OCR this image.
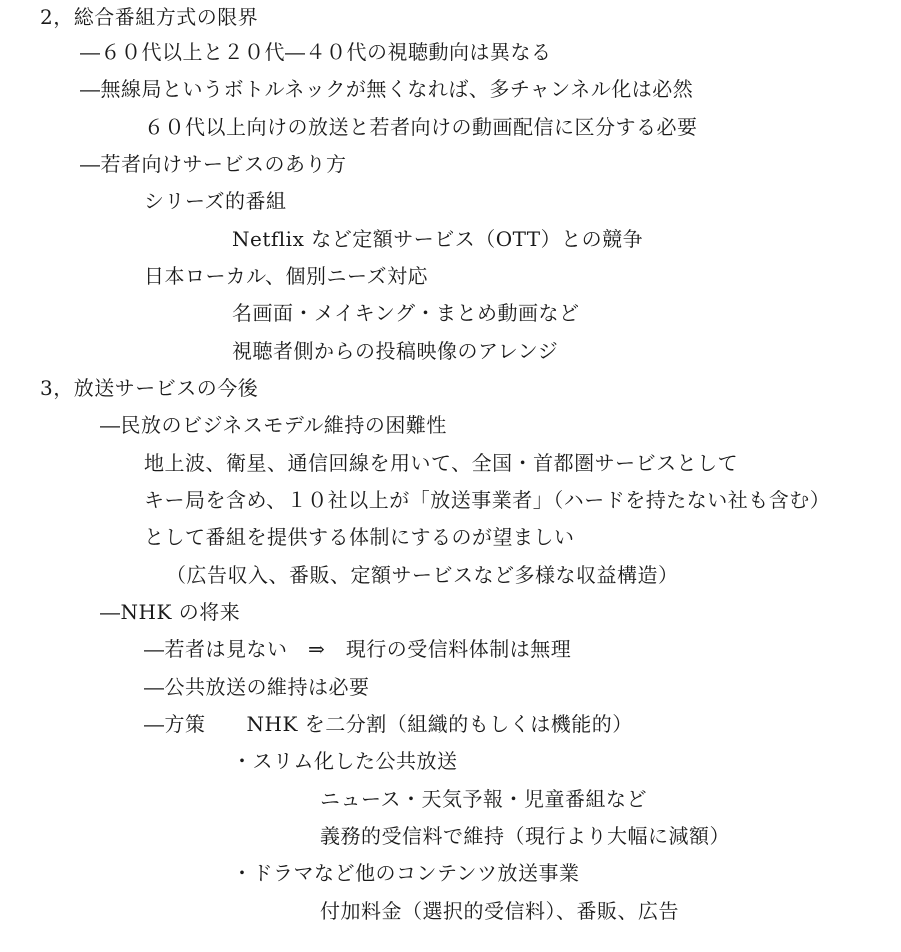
2，総合番組方式の限界
―６０代以上と２０代―４０代の視聴動向は異なる
―無線局というボトルネックが無くなれば、多チャンネル化は必然
６０代以上向けの放送と若者向けの動画配信に区分する必要
―若者向けサービスのあり方
シリーズ的番組
Netflix など定額サービス（OTT）との競争
日本ローカル、個別ニーズ対応
名画面・メイキング・まとめ動画など
視聴者側からの投稿映像のアレンジ
3，放送サービスの今後
―民放のビジネスモデル維持の困難性
地上波、衛星、通信回線を用いて、全国・首都圏サービスとして
キー局を含め、１０社以上が「放送事業者」（ハードを持たない社も含む）
として番組を提供する体制にするのが望ましい
（広告収入、番販、定額サービスなど多様な収益構造）
―NHK の将来
―若者は見ない　⇒　現行の受信料体制は無理
―公共放送の維持は必要
―方策　　NHK を二分割（組織的もしくは機能的）
・スリム化した公共放送
ニュース・天気予報・児童番組など
義務的受信料で維持（現行より大幅に減額）
・ドラマなど他のコンテンツ放送事業
付加料金（選択的受信料）、番販、広告
